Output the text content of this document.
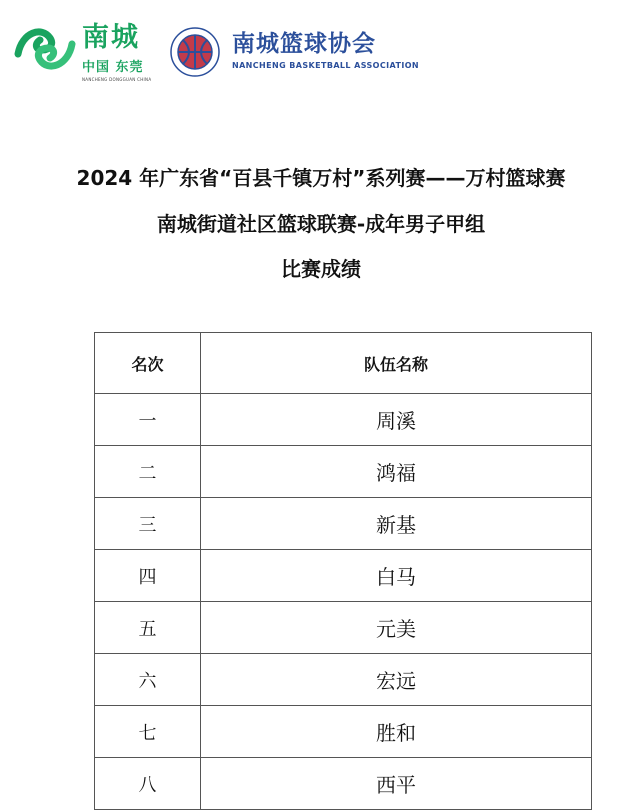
南城
中国 东莞
NANCHENG DONGGUAN CHINA
南城篮球协会
NANCHENG BASKETBALL ASSOCIATION
2024 年广东省“百县千镇万村”系列赛——万村篮球赛
南城街道社区篮球联赛-成年男子甲组
比赛成绩
名次	队伍名称
一	周溪
二	鸿福
三	新基
四	白马
五	元美
六	宏远
七	胜和
八	西平
